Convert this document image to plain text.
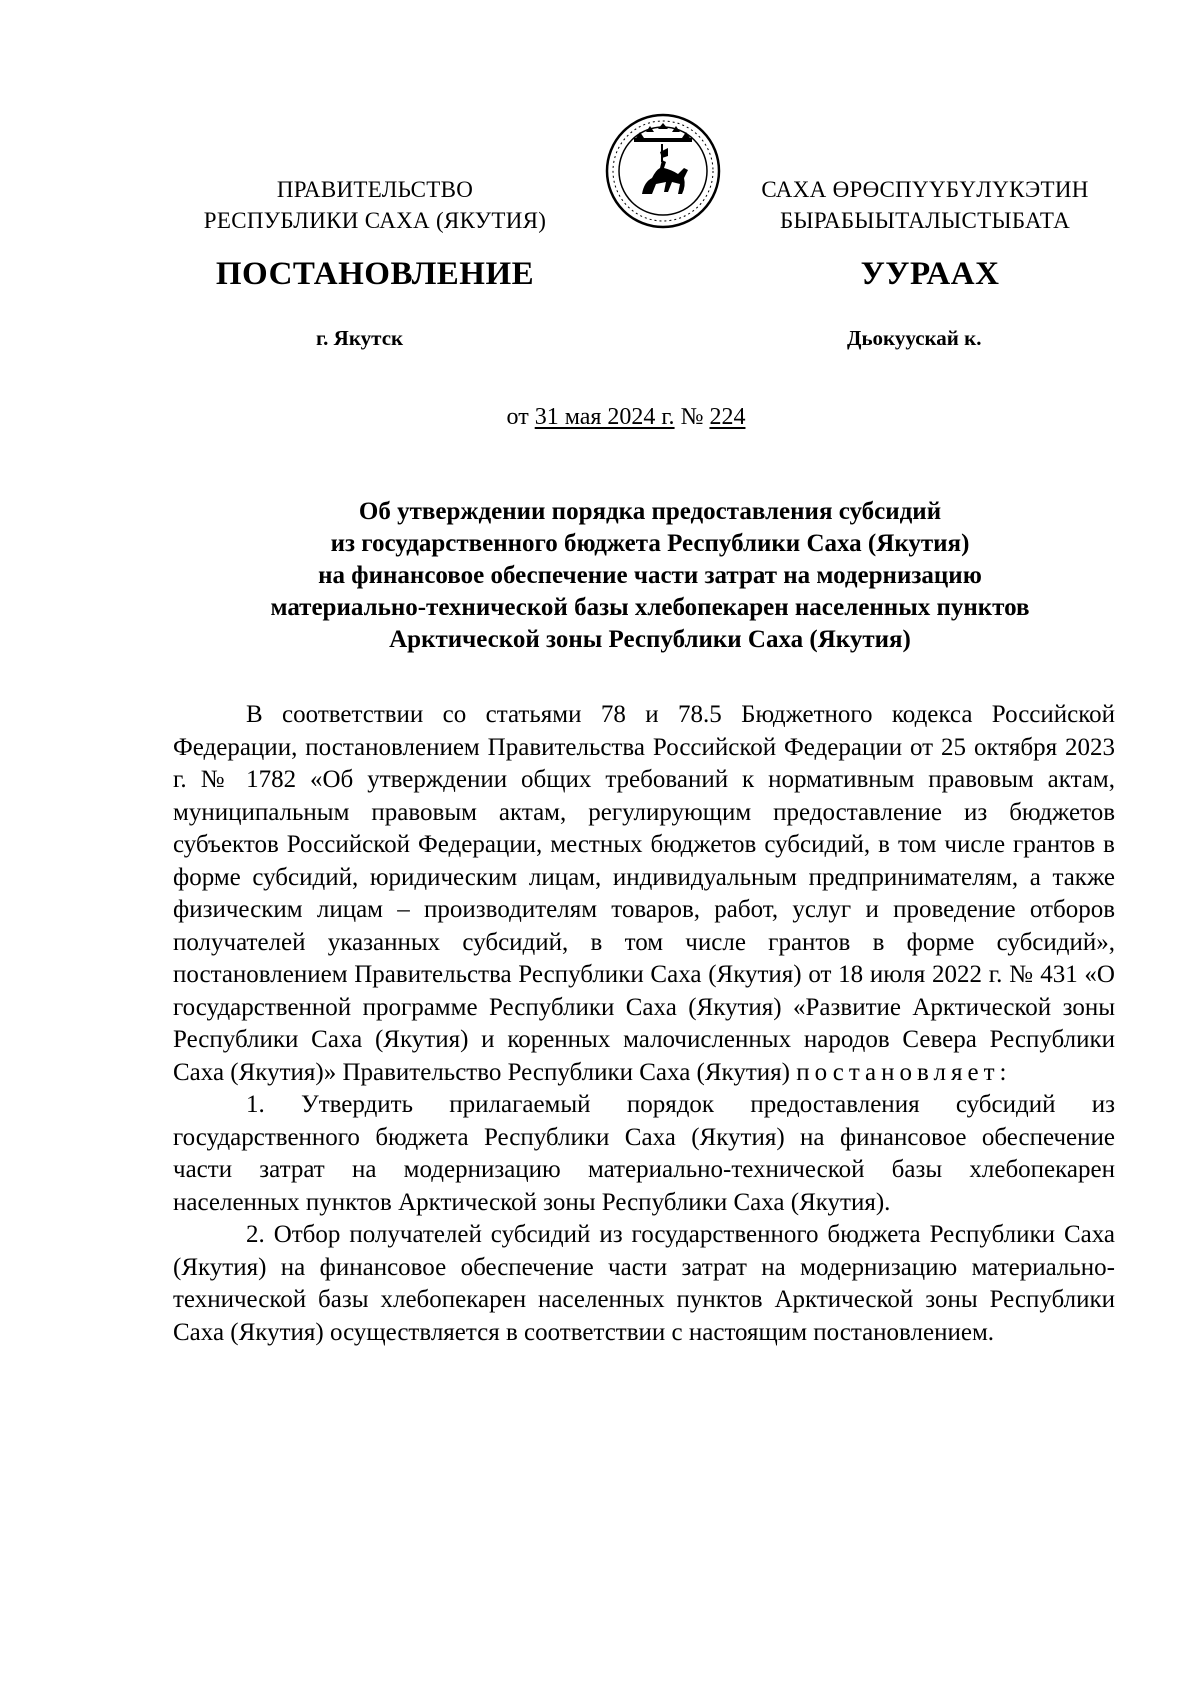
ПРАВИТЕЛЬСТВО
РЕСПУБЛИКИ САХА (ЯКУТИЯ)
САХА ӨРӨСПҮҮБҮЛҮКЭТИН
БЫРАБЫЫТАЛЫСТЫБАТА
ПОСТАНОВЛЕНИЕ	УУРААХ
г. Якутск	Дьокуускай к.
от 31 мая 2024 г. № 224
Об утверждении порядка предоставления субсидий
из государственного бюджета Республики Саха (Якутия)
на финансовое обеспечение части затрат на модернизацию
материально-технической базы хлебопекарен населенных пунктов
Арктической зоны Республики Саха (Якутия)

В соответствии со статьями 78 и 78.5 Бюджетного кодекса Российской Федерации, постановлением Правительства Российской Федерации от 25 октября 2023 г. № 1782 «Об утверждении общих требований к нормативным правовым актам, муниципальным правовым актам, регулирующим предоставление из бюджетов субъектов Российской Федерации, местных бюджетов субсидий, в том числе грантов в форме субсидий, юридическим лицам, индивидуальным предпринимателям, а также физическим лицам – производителям товаров, работ, услуг и проведение отборов получателей указанных субсидий, в том числе грантов в форме субсидий», постановлением Правительства Республики Саха (Якутия) от 18 июля 2022 г. № 431 «О государственной программе Республики Саха (Якутия) «Развитие Арктической зоны Республики Саха (Якутия) и коренных малочисленных народов Севера Республики Саха (Якутия)» Правительство Республики Саха (Якутия) постановляет:

1. Утвердить прилагаемый порядок предоставления субсидий из государственного бюджета Республики Саха (Якутия) на финансовое обеспечение части затрат на модернизацию материально-технической базы хлебопекарен населенных пунктов Арктической зоны Республики Саха (Якутия).

2. Отбор получателей субсидий из государственного бюджета Республики Саха (Якутия) на финансовое обеспечение части затрат на модернизацию материально-технической базы хлебопекарен населенных пунктов Арктической зоны Республики Саха (Якутия) осуществляется в соответствии с настоящим постановлением.
